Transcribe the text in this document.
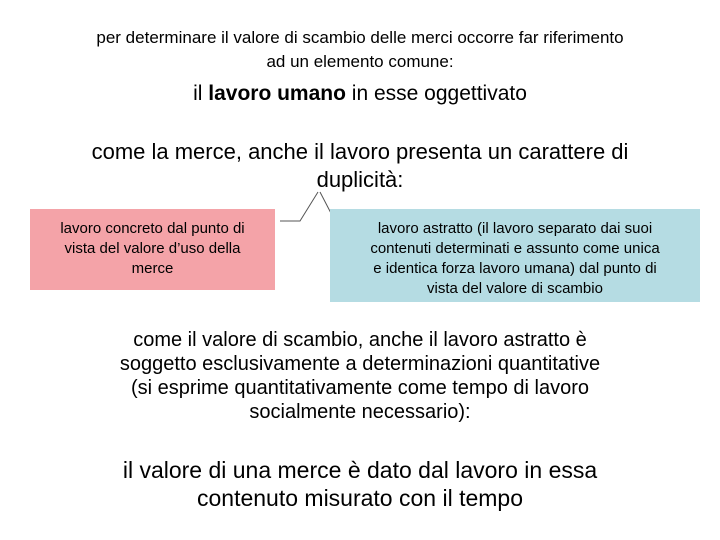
per determinare il valore di scambio delle merci occorre far riferimento
ad un elemento comune:
il lavoro umano in esse oggettivato
come la merce, anche il lavoro presenta un carattere di
duplicità:
lavoro concreto dal punto di
vista del valore d’uso della
merce
lavoro astratto (il lavoro separato dai suoi
contenuti determinati e assunto come unica
e identica forza lavoro umana) dal punto di
vista del valore di scambio
come il valore di scambio, anche il lavoro astratto è
soggetto esclusivamente a determinazioni quantitative
(si esprime quantitativamente come tempo di lavoro
socialmente necessario):
il valore di una merce è dato dal lavoro in essa
contenuto misurato con il tempo
